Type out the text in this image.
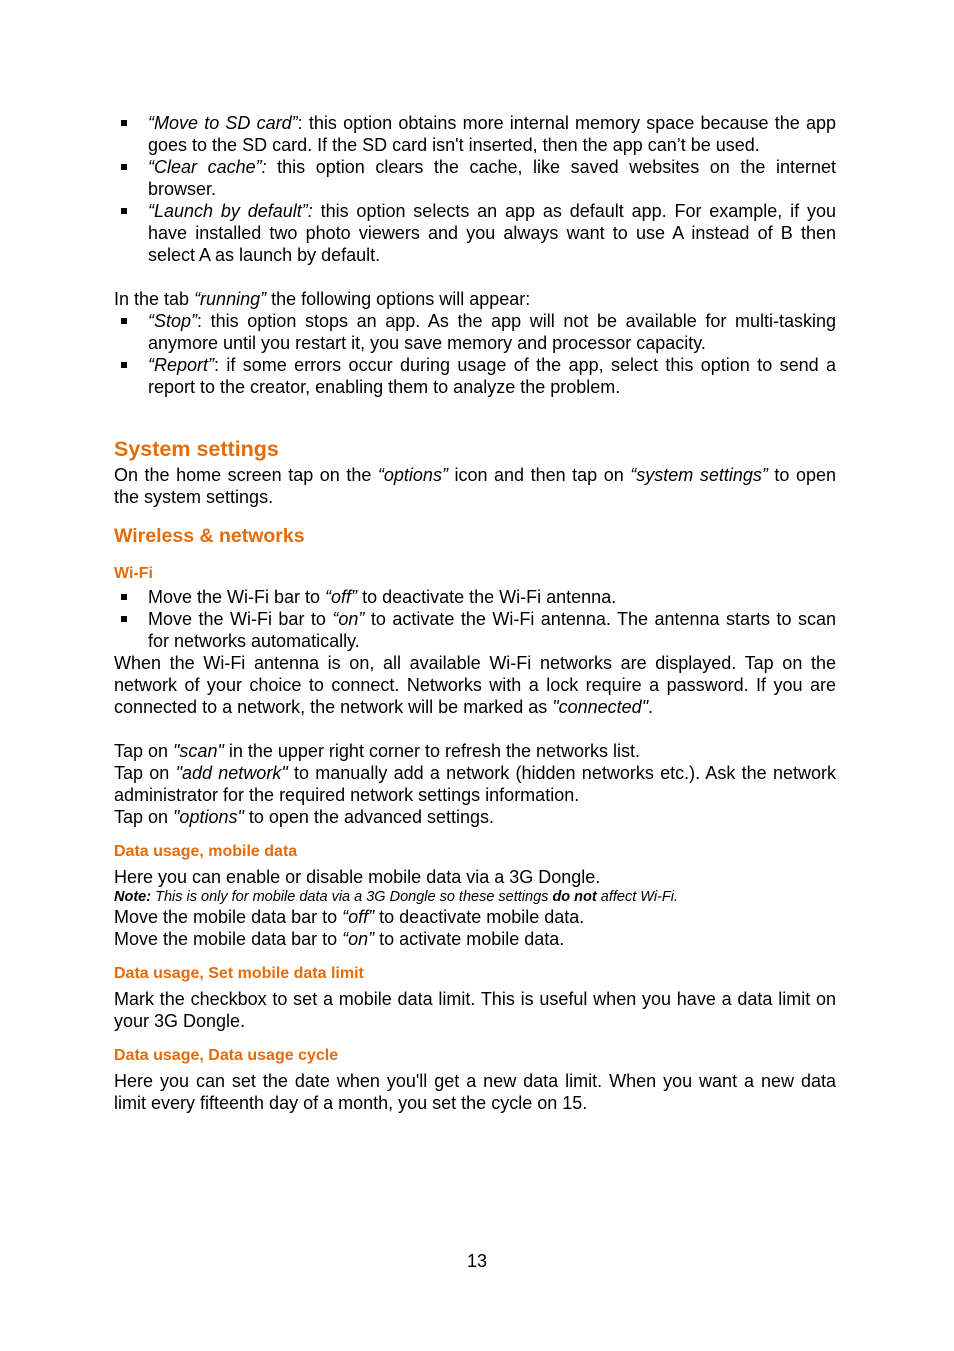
“Move to SD card”: this option obtains more internal memory space because the app goes to the SD card. If the SD card isn't inserted, then the app can’t be used.
“Clear cache”: this option clears the cache, like saved websites on the internet browser.
“Launch by default”: this option selects an app as default app. For example, if you have installed two photo viewers and you always want to use A instead of B then select A as launch by default.

In the tab “running” the following options will appear:

“Stop”: this option stops an app. As the app will not be available for multi-tasking anymore until you restart it, you save memory and processor capacity.
“Report”: if some errors occur during usage of the app, select this option to send a report to the creator, enabling them to analyze the problem.
System settings

On the home screen tap on the “options” icon and then tap on “system settings” to open the system settings.

Wireless & networks
Wi-Fi
Move the Wi-Fi bar to “off” to deactivate the Wi-Fi antenna.
Move the Wi-Fi bar to “on” to activate the Wi-Fi antenna. The antenna starts to scan for networks automatically.

When the Wi-Fi antenna is on, all available Wi-Fi networks are displayed. Tap on the network of your choice to connect. Networks with a lock require a password. If you are connected to a network, the network will be marked as "connected".

Tap on "scan" in the upper right corner to refresh the networks list.

Tap on "add network" to manually add a network (hidden networks etc.). Ask the network administrator for the required network settings information.

Tap on "options" to open the advanced settings.

Data usage, mobile data

Here you can enable or disable mobile data via a 3G Dongle.

Note: This is only for mobile data via a 3G Dongle so these settings do not affect Wi-Fi.

Move the mobile data bar to “off” to deactivate mobile data.

Move the mobile data bar to “on” to activate mobile data.

Data usage, Set mobile data limit

Mark the checkbox to set a mobile data limit. This is useful when you have a data limit on your 3G Dongle.

Data usage, Data usage cycle

Here you can set the date when you'll get a new data limit. When you want a new data limit every fifteenth day of a month, you set the cycle on 15.

13
